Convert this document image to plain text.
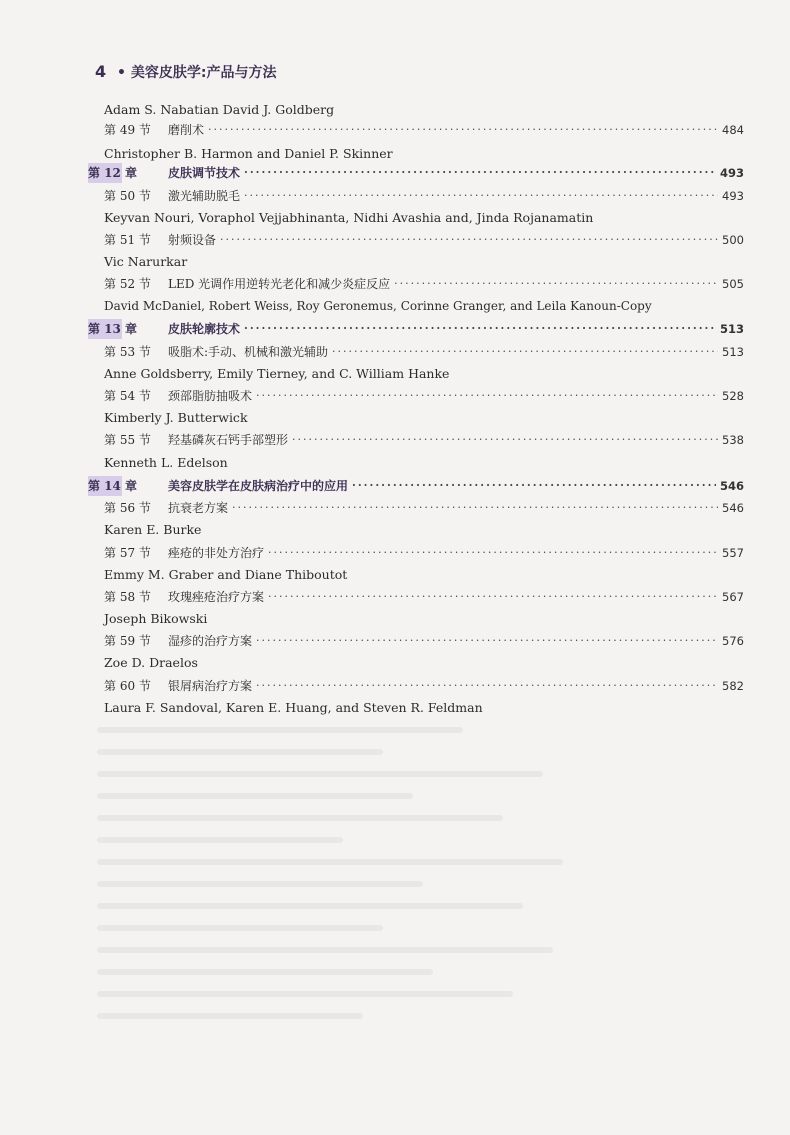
4 • 美容皮肤学:产品与方法
Adam S. Nabatian David J. Goldberg
第 49 节 磨削术 ·····	484
Christopher B. Harmon and Daniel P. Skinner
第 12 章	皮肤调节技术 ·····	493
第 50 节 激光辅助脱毛 ·····	493
Keyvan Nouri, Voraphol Vejjabhinanta, Nidhi Avashia and, Jinda Rojanamatin
第 51 节 射频设备 ·····	500
Vic Narurkar
第 52 节 LED 光调作用逆转光老化和减少炎症反应 ·····	505
David McDaniel, Robert Weiss, Roy Geronemus, Corinne Granger, and Leila Kanoun-Copy
第 13 章	皮肤轮廓技术 ·····	513
第 53 节 吸脂术:手动、机械和激光辅助 ·····	513
Anne Goldsberry, Emily Tierney, and C. William Hanke
第 54 节 颈部脂肪抽吸术 ·····	528
Kimberly J. Butterwick
第 55 节 羟基磷灰石钙手部塑形 ·····	538
Kenneth L. Edelson
第 14 章	美容皮肤学在皮肤病治疗中的应用 ·····	546
第 56 节 抗衰老方案 ·····	546
Karen E. Burke
第 57 节 痤疮的非处方治疗 ·····	557
Emmy M. Graber and Diane Thiboutot
第 58 节 玫瑰痤疮治疗方案 ·····	567
Joseph Bikowski
第 59 节 湿疹的治疗方案 ·····	576
Zoe D. Draelos
第 60 节 银屑病治疗方案 ·····	582
Laura F. Sandoval, Karen E. Huang, and Steven R. Feldman
